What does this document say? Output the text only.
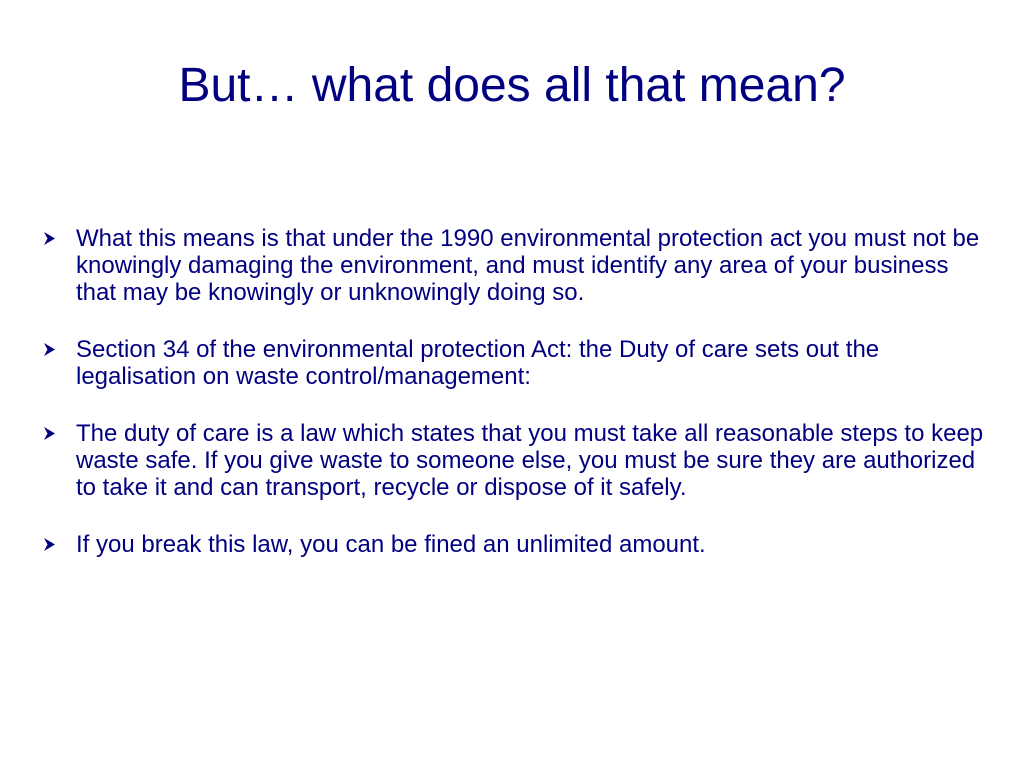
But… what does all that mean?
What this means is that under the 1990 environmental protection act you must not be knowingly damaging the environment, and must identify any area of your business that may be knowingly or unknowingly doing so.
Section 34 of the environmental protection Act: the Duty of care sets out the legalisation on waste control/management:
The duty of care is a law which states that you must take all reasonable steps to keep waste safe. If you give waste to someone else, you must be sure they are authorized to take it and can transport, recycle or dispose of it safely.
If you break this law, you can be fined an unlimited amount.
